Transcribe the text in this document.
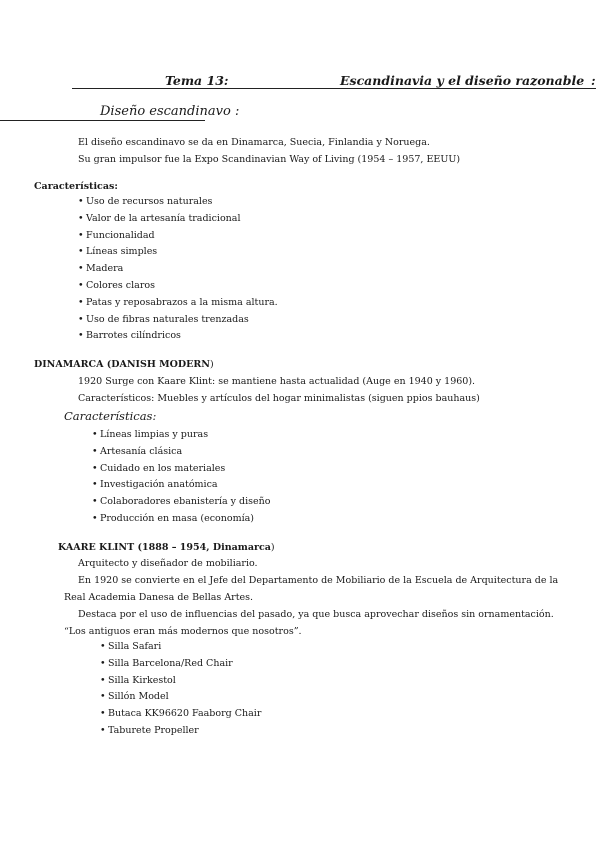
Tema 13:	Escandinavia y el diseño razonable :
Diseño escandinavo :
El diseño escandinavo se da en Dinamarca, Suecia, Finlandia y Noruega.
Su gran impulsor fue la Expo Scandinavian Way of Living (1954 – 1957, EEUU)
Características:
• Uso de recursos naturales
• Valor de la artesanía tradicional
• Funcionalidad
• Líneas simples
• Madera
• Colores claros
• Patas y reposabrazos a la misma altura.
• Uso de fibras naturales trenzadas
• Barrotes cilíndricos
DINAMARCA (DANISH MODERN)
1920 Surge con Kaare Klint: se mantiene hasta actualidad (Auge en 1940 y 1960).
Característicos: Muebles y artículos del hogar minimalistas (siguen ppios bauhaus)
Características:
• Líneas limpias y puras
• Artesanía clásica
• Cuidado en los materiales
• Investigación anatómica
• Colaboradores ebanistería y diseño
• Producción en masa (economía)
KAARE KLINT (1888 – 1954, Dinamarca)
Arquitecto y diseñador de mobiliario.
En 1920 se convierte en el Jefe del Departamento de Mobiliario de la Escuela de Arquitectura de la
Real Academia Danesa de Bellas Artes.
Destaca por el uso de influencias del pasado, ya que busca aprovechar diseños sin ornamentación.
“Los antiguos eran más modernos que nosotros”.
• Silla Safari
• Silla Barcelona/Red Chair
• Silla Kirkestol
• Sillón Model
• Butaca KK96620 Faaborg Chair
• Taburete Propeller
